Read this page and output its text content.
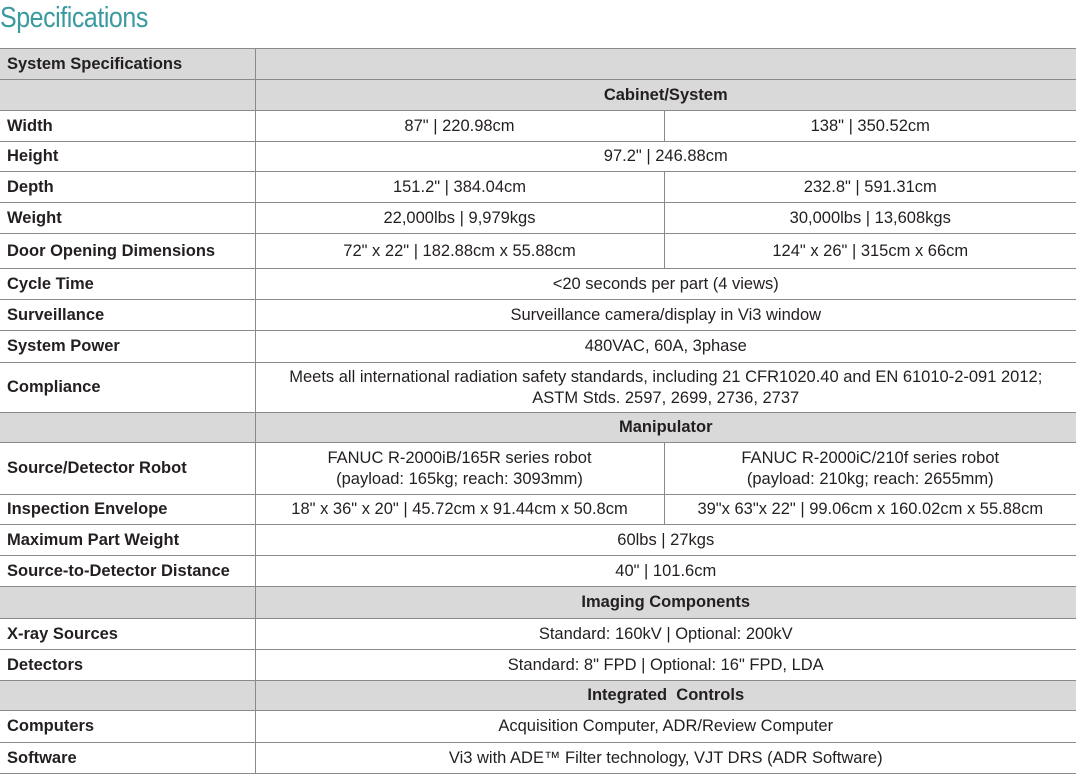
Specifications
System Specifications		
	Cabinet/System	
Width	87" | 220.98cm	138" | 350.52cm
Height	97.2" | 246.88cm	
Depth	151.2" | 384.04cm	232.8" | 591.31cm
Weight	22,000lbs | 9,979kgs	30,000lbs | 13,608kgs
Door Opening Dimensions	72" x 22" | 182.88cm x 55.88cm	124" x 26" | 315cm x 66cm
Cycle Time	<20 seconds per part (4 views)	
Surveillance	Surveillance camera/display in Vi3 window	
System Power	480VAC, 60A, 3phase	
Compliance	Meets all international radiation safety standards, including 21 CFR1020.40 and EN 61010-2-091 2012; ASTM Stds. 2597, 2699, 2736, 2737	
	Manipulator	
Source/Detector Robot	FANUC R-2000iB/165R series robot (payload: 165kg; reach: 3093mm)	FANUC R-2000iC/210f series robot (payload: 210kg; reach: 2655mm)
Inspection Envelope	18" x 36" x 20" | 45.72cm x 91.44cm x 50.8cm	39"x 63"x 22" | 99.06cm x 160.02cm x 55.88cm
Maximum Part Weight	60lbs | 27kgs	
Source-to-Detector Distance	40" | 101.6cm	
	Imaging Components	
X-ray Sources	Standard: 160kV | Optional: 200kV	
Detectors	Standard: 8" FPD | Optional: 16" FPD, LDA	
	Integrated  Controls	
Computers	Acquisition Computer, ADR/Review Computer	
Software	Vi3 with ADE™ Filter technology, VJT DRS (ADR Software)	
